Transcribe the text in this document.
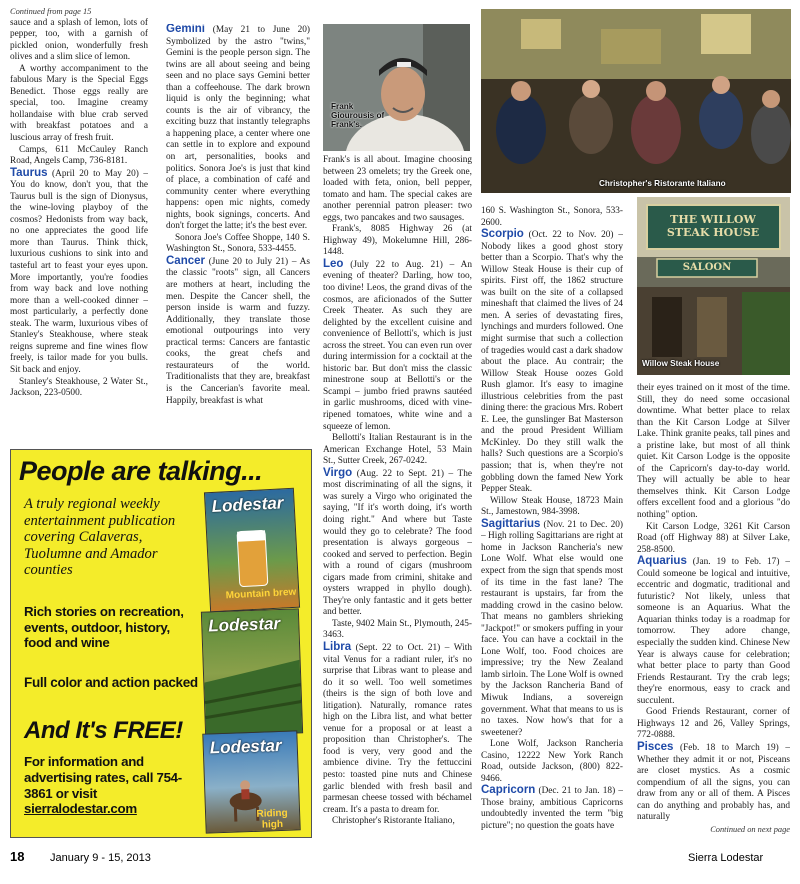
Continued from page 15

sauce and a splash of lemon, lots of pepper, too, with a garnish of pickled onion, wonderfully fresh olives and a slim slice of lemon.

A worthy accompaniment to the fabulous Mary is the Special Eggs Benedict. Those eggs really are special, too. Imagine creamy hollandaise with blue crab served with breakfast potatoes and a luscious array of fresh fruit.

Camps, 611 McCauley Ranch Road, Angels Camp, 736-8181.

Taurus (April 20 to May 20) – You do know, don't you, that the Taurus bull is the sign of Dionysus, the wine-loving playboy of the cosmos? Hedonists from way back, no one appreciates the good life more than Taurus. Think thick, luxurious cushions to sink into and tasteful art to feast your eyes upon. More importantly, you're foodies from way back and love nothing more than a well-cooked dinner – most particularly, a perfectly done steak. The warm, luxurious vibes of Stanley's Steakhouse, where steak reigns supreme and fine wines flow freely, is tailor made for you bulls. Sit back and enjoy.

Stanley's Steakhouse, 2 Water St., Jackson, 223-0500.

Gemini (May 21 to June 20) Symbolized by the astro "twins," Gemini is the people person sign. The twins are all about seeing and being seen and no place says Gemini better than a coffeehouse. The dark brown liquid is only the beginning; what counts is the air of vibrancy, the exciting buzz that instantly telegraphs a happening place, a center where one can settle in to explore and expound on art, personalities, books and politics. Sonora Joe's is just that kind of place, a combination of café and community center where everything happens: open mic nights, comedy nights, book signings, concerts. And don't forget the latte; it's the best ever.

Sonora Joe's Coffee Shoppe, 140 S. Washington St., Sonora, 533-4455.

Cancer (June 20 to July 21) – As the classic "roots" sign, all Cancers are mothers at heart, including the men. Despite the Cancer shell, the person inside is warm and fuzzy. Additionally, they translate those emotional outpourings into very practical terms: Cancers are fantastic cooks, the great chefs and restaurateurs of the world. Traditionalists that they are, breakfast is the Cancerian's favorite meal. Happily, breakfast is what

Frank Giourousis of Frank's.
Christopher's Ristorante Italiano

Frank's is all about. Imagine choosing between 23 omelets; try the Greek one, loaded with feta, onion, bell pepper, tomato and ham. The special cakes are another perennial patron pleaser: two eggs, two pancakes and two sausages.

Frank's, 8085 Highway 26 (at Highway 49), Mokelumne Hill, 286-1448.

Leo (July 22 to Aug. 21) – An evening of theater? Darling, how too, too divine! Leos, the grand divas of the cosmos, are aficionados of the Sutter Creek Theater. As such they are delighted by the excellent cuisine and convenience of Bellotti's, which is just across the street. You can even run over during intermission for a cocktail at the historic bar. But don't miss the classic minestrone soup at Bellotti's or the Scampi – jumbo fried prawns sautéed in garlic mushrooms, diced with vine-ripened tomatoes, white wine and a squeeze of lemon.

Bellotti's Italian Restaurant is in the American Exchange Hotel, 53 Main St., Sutter Creek, 267-0242.

Virgo (Aug. 22 to Sept. 21) – The most discriminating of all the signs, it was surely a Virgo who originated the saying, "If it's worth doing, it's worth doing right." And where but Taste would they go to celebrate? The food presentation is always gorgeous – cooked and served to perfection. Begin with a round of cigars (mushroom cigars made from crimini, shitake and oysters wrapped in phyllo dough). They're only fantastic and it gets better and better.

Taste, 9402 Main St., Plymouth, 245-3463.

Libra (Sept. 22 to Oct. 21) – With vital Venus for a radiant ruler, it's no surprise that Libras want to please and do it so well. Too well sometimes (theirs is the sign of both love and litigation). Naturally, romance rates high on the Libra list, and what better venue for a proposal or at least a proposition than Christopher's. The food is very, very good and the ambience divine. Try the fettuccini pesto: toasted pine nuts and Chinese garlic blended with fresh basil and parmesan cheese tossed with béchamel cream. It's a pasta to dream for.

Christopher's Ristorante Italiano,

160 S. Washington St., Sonora, 533-2600.

Scorpio (Oct. 22 to Nov. 20) – Nobody likes a good ghost story better than a Scorpio. That's why the Willow Steak House is their cup of spirits. First off, the 1862 structure was built on the site of a collapsed mineshaft that claimed the lives of 24 men. A series of devastating fires, lynchings and murders followed. One might surmise that such a collection of tragedies would cast a dark shadow about the place. Au contrair; the Willow Steak House oozes Gold Rush glamor. It's easy to imagine illustrious celebrities from the past dining there: the gracious Mrs. Robert E. Lee, the gunslinger Bat Masterson and the proud President William McKinley. Do they still walk the halls? Such questions are a Scorpio's passion; that is, when they're not gobbling down the famed New York Pepper Steak.

Willow Steak House, 18723 Main St., Jamestown, 984-3998.

Sagittarius (Nov. 21 to Dec. 20) – High rolling Sagittarians are right at home in Jackson Rancheria's new Lone Wolf. What else would one expect from the sign that spends most of its time in the fast lane? The restaurant is upstairs, far from the madding crowd in the casino below. That means no gamblers shrieking "Jackpot!" or smokers puffing in your face. You can have a cocktail in the Lone Wolf, too. Food choices are impressive; try the New Zealand lamb sirloin. The Lone Wolf is owned by the Jackson Rancheria Band of Miwuk Indians, a sovereign government. What that means to us is no taxes. Now how's that for a sweetener?

Lone Wolf, Jackson Rancheria Casino, 12222 New York Ranch Road, outside Jackson, (800) 822-9466.

Capricorn (Dec. 21 to Jan. 18) – Those brainy, ambitious Capricorns undoubtedly invented the term "big picture"; no question the goats have

THE WILLOW STEAK HOUSE
SALOON
Willow Steak House

their eyes trained on it most of the time. Still, they do need some occasional downtime. What better place to relax than the Kit Carson Lodge at Silver Lake. Think granite peaks, tall pines and a pristine lake, but most of all think quiet. Kit Carson Lodge is the opposite of the Capricorn's day-to-day world. They will actually be able to hear themselves think. Kit Carson Lodge offers excellent food and a glorious "do nothing" option.

Kit Carson Lodge, 3261 Kit Carson Road (off Highway 88) at Silver Lake, 258-8500.

Aquarius (Jan. 19 to Feb. 17) – Could someone be logical and intuitive, eccentric and dogmatic, traditional and futuristic? Not likely, unless that someone is an Aquarius. What the Aquarian thinks today is a roadmap for tomorrow. They adore change, especially the sudden kind. Chinese New Year is always cause for celebration; what better place to party than Good Friends Restaurant. Try the crab legs; they're enormous, easy to crack and succulent.

Good Friends Restaurant, corner of Highways 12 and 26, Valley Springs, 772-0888.

Pisces (Feb. 18 to March 19) – Whether they admit it or not, Pisceans are closet mystics. As a cosmic compendium of all the signs, you can draw from any or all of them. A Pisces can do anything and probably has, and naturally

Continued on next page

People are talking...
A truly regional weekly entertainment publication covering Calaveras, Tuolumne and Amador counties
Rich stories on recreation, events, outdoor, history, food and wine
Full color and action packed
And It's FREE!
For information and advertising rates, call 754-3861 or visit
sierralodestar.com
Lodestar
Mountain brew
Lodestar
Lodestar
Riding high
18 January 9 - 15, 2013	Sierra Lodestar
